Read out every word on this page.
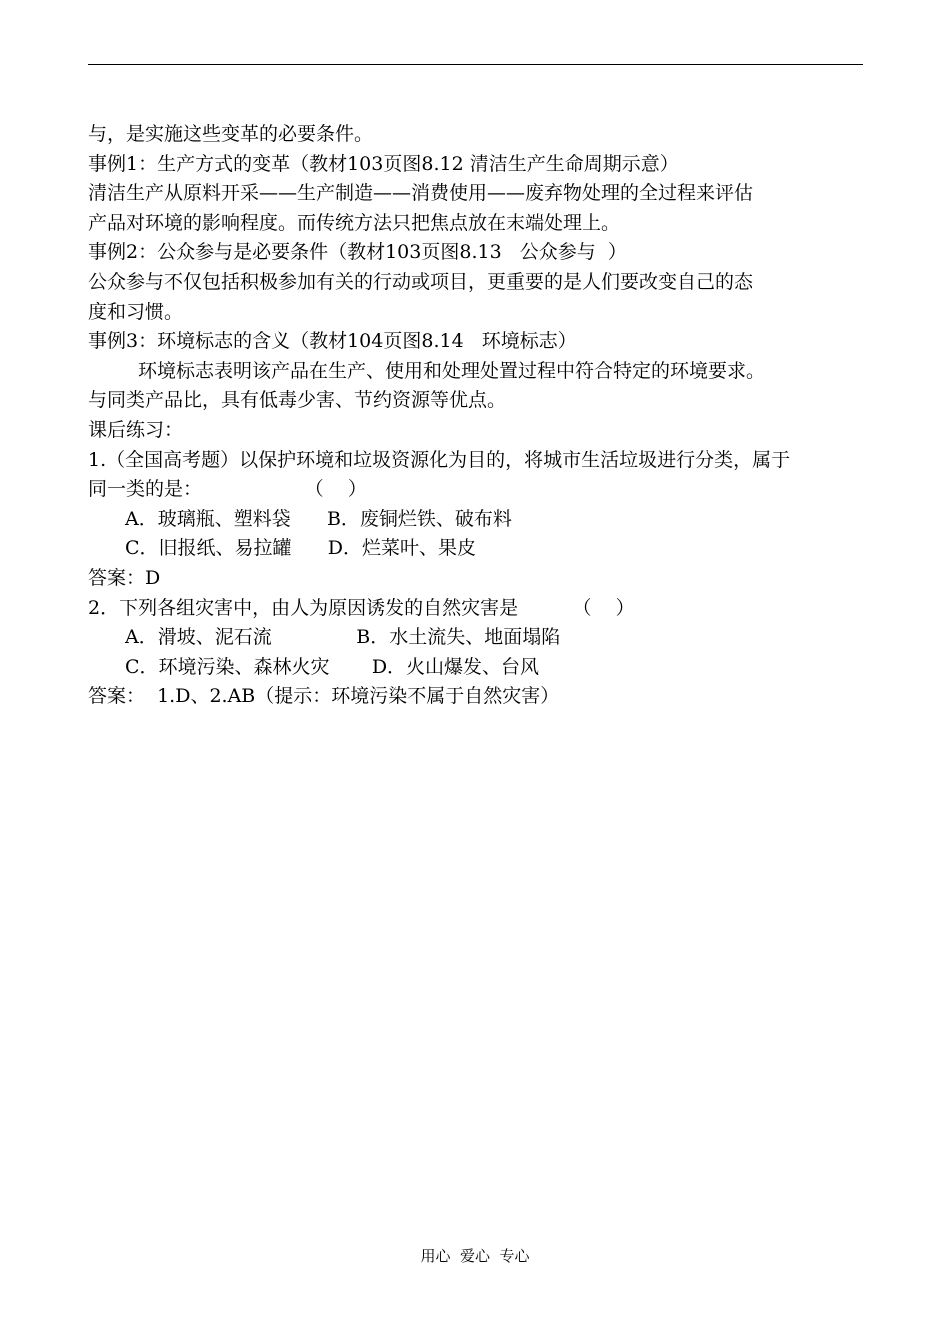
与，是实施这些变革的必要条件。
事例1：生产方式的变革（教材103页图8.12 清洁生产生命周期示意）
清洁生产从原料开采——生产制造——消费使用——废弃物处理的全过程来评估
产品对环境的影响程度。而传统方法只把焦点放在末端处理上。
事例2：公众参与是必要条件（教材103页图8.13   公众参与  ）
公众参与不仅包括积极参加有关的行动或项目，更重要的是人们要改变自己的态
度和习惯。
事例3：环境标志的含义（教材104页图8.14   环境标志）
环境标志表明该产品在生产、使用和处理处置过程中符合特定的环境要求。
与同类产品比，具有低毒少害、节约资源等优点。
课后练习：
1.（全国高考题）以保护环境和垃圾资源化为目的，将城市生活垃圾进行分类，属于
同一类的是：                 （    ）
A．玻璃瓶、塑料袋      B．废铜烂铁、破布料
C．旧报纸、易拉罐      D．烂菜叶、果皮
答案：D
2．下列各组灾害中，由人为原因诱发的自然灾害是         （    ）
A．滑坡、泥石流              B．水土流失、地面塌陷
C．环境污染、森林火灾       D．火山爆发、台风
答案：  1.D、2.AB（提示：环境污染不属于自然灾害）
用心  爱心  专心
